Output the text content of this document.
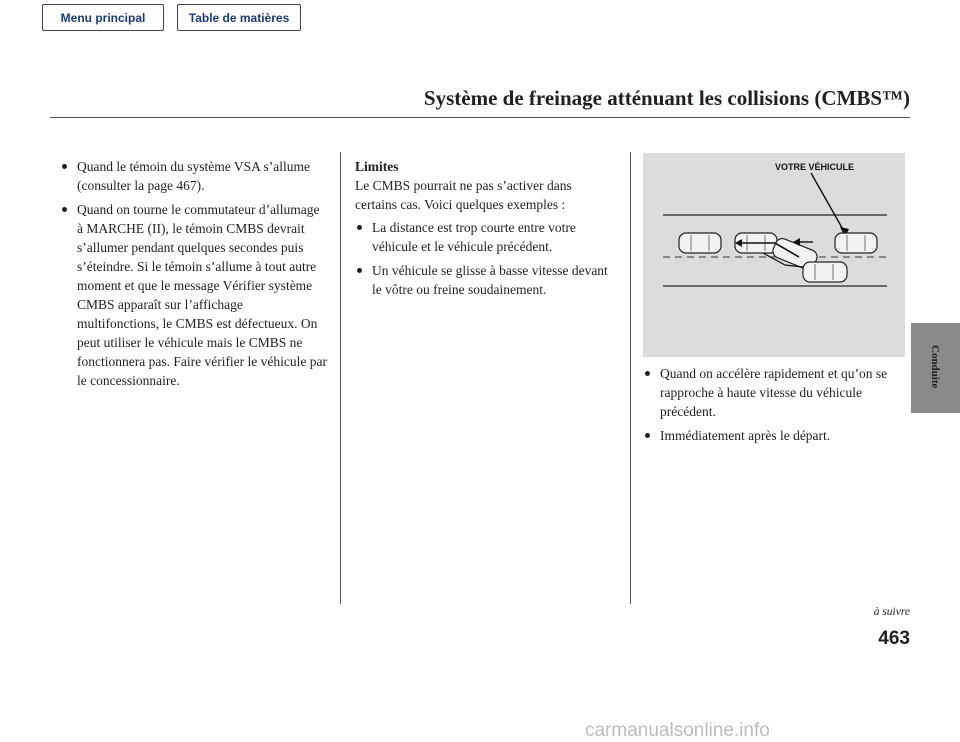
Menu principal	Table de matières
Système de freinage atténuant les collisions (CMBS™)

Quand le témoin du système VSA s’allume (consulter la page 467).

Quand on tourne le commutateur d’allumage à MARCHE (II), le témoin CMBS devrait s’allumer pendant quelques secondes puis s’éteindre. Si le témoin s’allume à tout autre moment et que le message Vérifier système CMBS apparaît sur l’affichage multifonctions, le CMBS est défectueux. On peut utiliser le véhicule mais le CMBS ne fonctionnera pas. Faire vérifier le véhicule par le concessionnaire.

Limites

Le CMBS pourrait ne pas s’activer dans certains cas. Voici quelques exemples :

La distance est trop courte entre votre véhicule et le véhicule précédent.

Un véhicule se glisse à basse vitesse devant le vôtre ou freine soudainement.

VOTRE VÉHICULE

Quand on accélère rapidement et qu’on se rapproche à haute vitesse du véhicule précédent.

Immédiatement après le départ.

Conduite
à suivre
463
carmanualsonline.info
